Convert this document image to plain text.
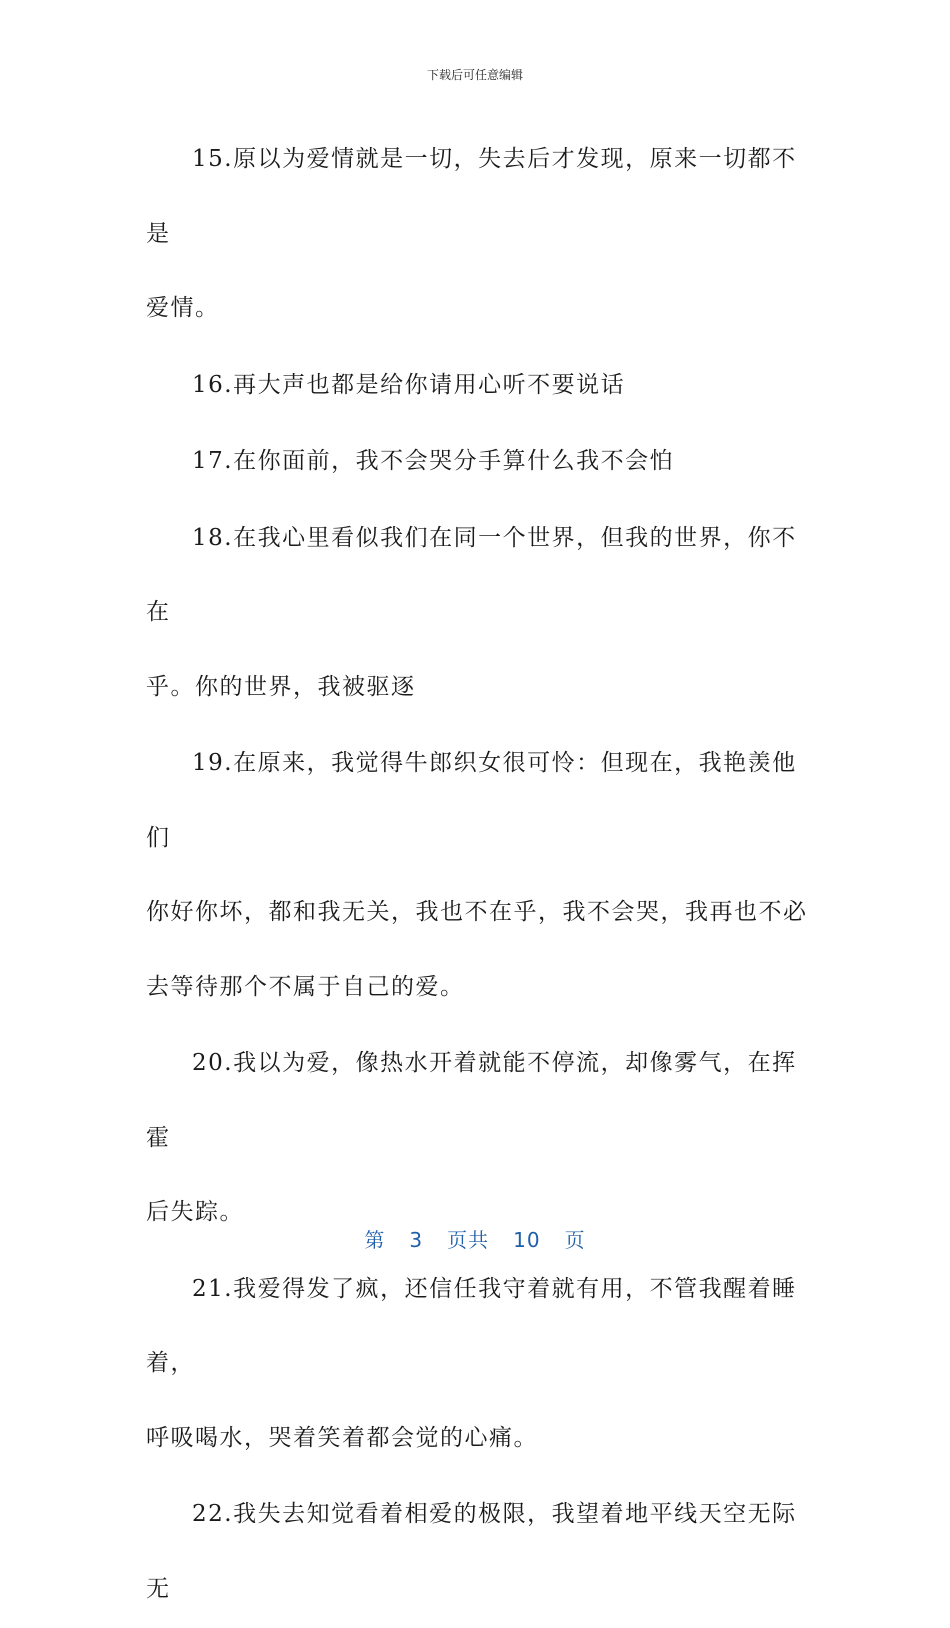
下载后可任意编辑
15.原以为爱情就是一切，失去后才发现，原来一切都不是
爱情。
16.再大声也都是给你请用心听不要说话
17.在你面前，我不会哭分手算什么我不会怕
18.在我心里看似我们在同一个世界，但我的世界，你不在
乎。你的世界，我被驱逐
19.在原来，我觉得牛郎织女很可怜：但现在，我艳羡他们
你好你坏，都和我无关，我也不在乎，我不会哭，我再也不必
去等待那个不属于自己的爱。
20.我以为爱，像热水开着就能不停流，却像雾气，在挥霍
后失踪。
21.我爱得发了疯，还信任我守着就有用，不管我醒着睡着，
呼吸喝水，哭着笑着都会觉的心痛。
22.我失去知觉看着相爱的极限，我望着地平线天空无际无
第 3 页共 10 页
